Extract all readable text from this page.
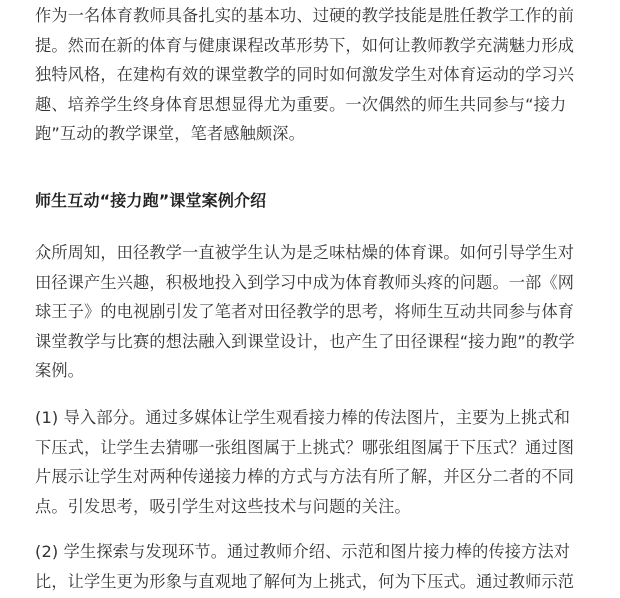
作为一名体育教师具备扎实的基本功、过硬的教学技能是胜任教学工作的前
提。然而在新的体育与健康课程改革形势下，如何让教师教学充满魅力形成
独特风格，在建构有效的课堂教学的同时如何激发学生对体育运动的学习兴
趣、培养学生终身体育思想显得尤为重要。一次偶然的师生共同参与“接力
跑”互动的教学课堂，笔者感触颇深。

师生互动“接力跑”课堂案例介绍

众所周知，田径教学一直被学生认为是乏味枯燥的体育课。如何引导学生对
田径课产生兴趣，积极地投入到学习中成为体育教师头疼的问题。一部《网
球王子》的电视剧引发了笔者对田径教学的思考，将师生互动共同参与体育
课堂教学与比赛的想法融入到课堂设计，也产生了田径课程“接力跑”的教学
案例。

(1) 导入部分。通过多媒体让学生观看接力棒的传法图片，主要为上挑式和
下压式，让学生去猜哪一张组图属于上挑式？哪张组图属于下压式？通过图
片展示让学生对两种传递接力棒的方式与方法有所了解，并区分二者的不同
点。引发思考，吸引学生对这些技术与问题的关注。

(2) 学生探索与发现环节。通过教师介绍、示范和图片接力棒的传接方法对
比，让学生更为形象与直观地了解何为上挑式，何为下压式。通过教师示范
